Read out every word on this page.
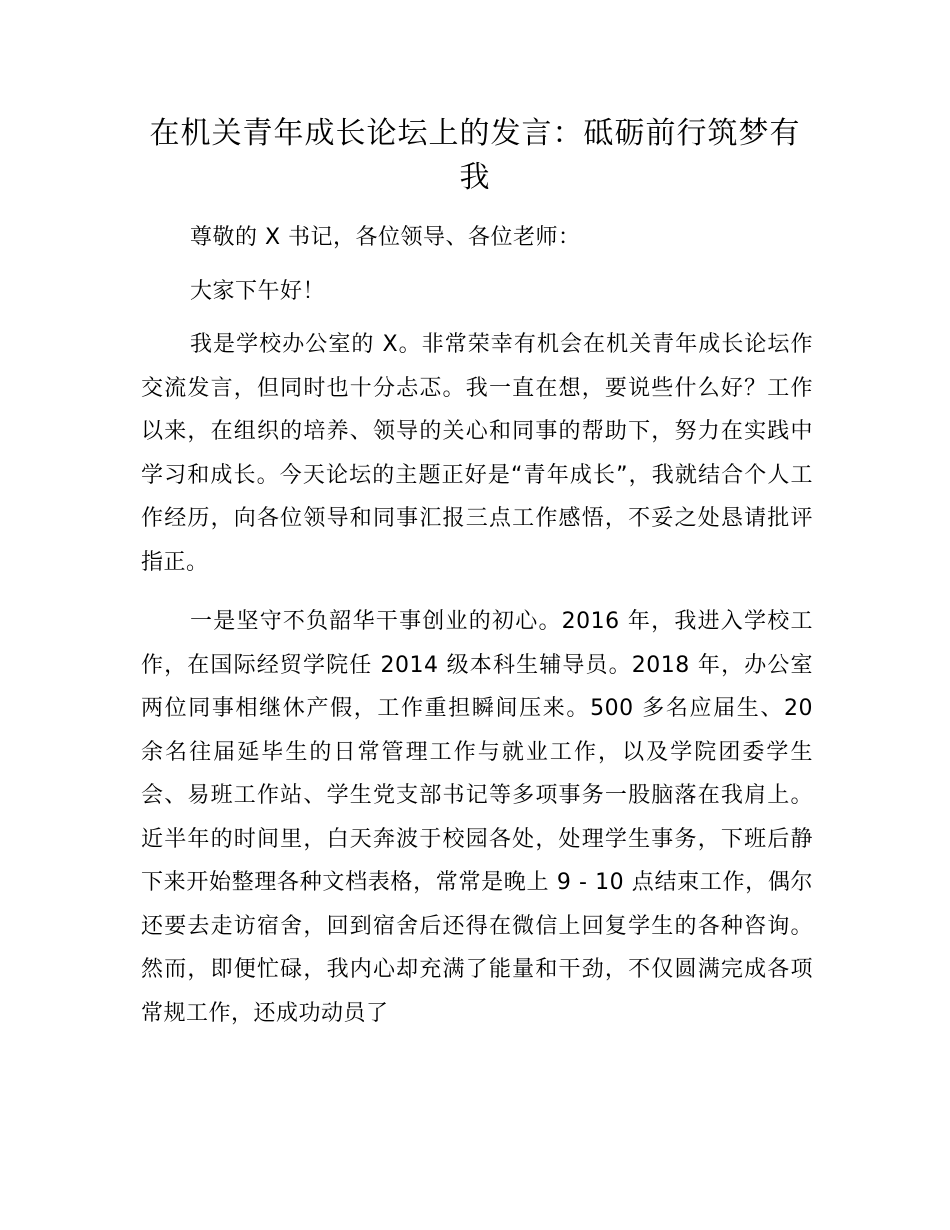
在机关青年成长论坛上的发言：砥砺前行筑梦有我

尊敬的 X 书记，各位领导、各位老师：

大家下午好！

我是学校办公室的 X。非常荣幸有机会在机关青年成长论坛作交流发言，但同时也十分忐忑。我一直在想，要说些什么好？工作以来，在组织的培养、领导的关心和同事的帮助下，努力在实践中学习和成长。今天论坛的主题正好是“青年成长”，我就结合个人工作经历，向各位领导和同事汇报三点工作感悟，不妥之处恳请批评指正。

一是坚守不负韶华干事创业的初心。2016 年，我进入学校工作，在国际经贸学院任 2014 级本科生辅导员。2018 年，办公室两位同事相继休产假，工作重担瞬间压来。500 多名应届生、20 余名往届延毕生的日常管理工作与就业工作，以及学院团委学生会、易班工作站、学生党支部书记等多项事务一股脑落在我肩上。近半年的时间里，白天奔波于校园各处，处理学生事务，下班后静下来开始整理各种文档表格，常常是晚上 9 - 10 点结束工作，偶尔还要去走访宿舍，回到宿舍后还得在微信上回复学生的各种咨询。然而，即便忙碌，我内心却充满了能量和干劲，不仅圆满完成各项常规工作，还成功动员了
